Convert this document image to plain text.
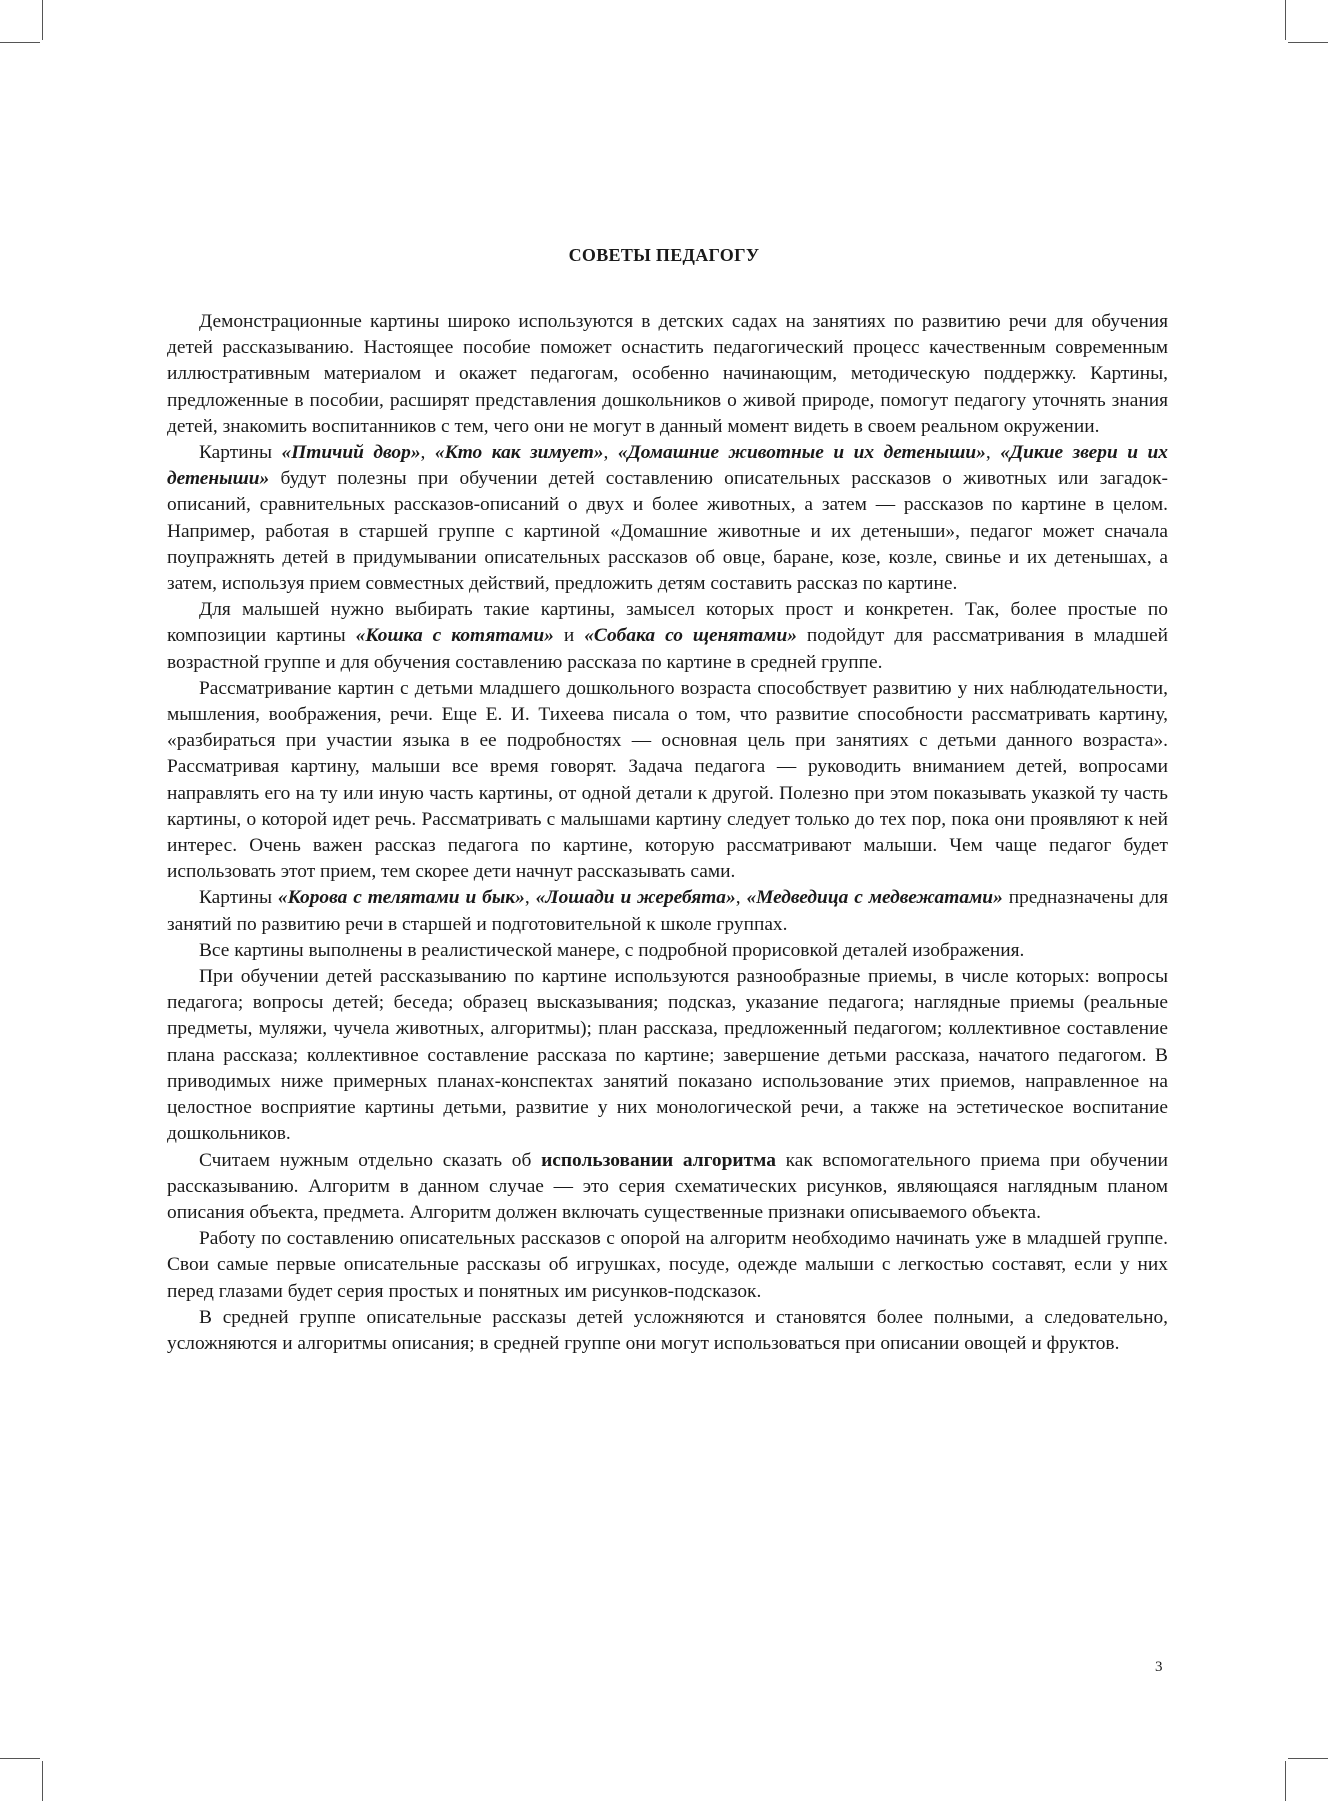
СОВЕТЫ ПЕДАГОГУ

Демонстрационные картины широко используются в детских садах на занятиях по развитию речи для обучения детей рассказыванию. Настоящее пособие поможет оснастить педагогический процесс качественным современным иллюстративным материалом и окажет педагогам, особенно начинающим, методическую поддержку. Картины, предложенные в пособии, расширят представления дошкольников о живой природе, помогут педагогу уточнять знания детей, знакомить воспитанников с тем, чего они не могут в данный момент видеть в своем реальном окружении.

Картины «Птичий двор», «Кто как зимует», «Домашние животные и их детеныши», «Дикие звери и их детеныши» будут полезны при обучении детей составлению описательных рассказов о животных или загадок-описаний, сравнительных рассказов-описаний о двух и более животных, а затем — рассказов по картине в целом. Например, работая в старшей группе с картиной «Домашние животные и их детеныши», педагог может сначала поупражнять детей в придумывании описательных рассказов об овце, баране, козе, козле, свинье и их детенышах, а затем, используя прием совместных действий, предложить детям составить рассказ по картине.

Для малышей нужно выбирать такие картины, замысел которых прост и конкретен. Так, более простые по композиции картины «Кошка с котятами» и «Собака со щенятами» подойдут для рассматривания в младшей возрастной группе и для обучения составлению рассказа по картине в средней группе.

Рассматривание картин с детьми младшего дошкольного возраста способствует развитию у них наблюдательности, мышления, воображения, речи. Еще Е. И. Тихеева писала о том, что развитие способности рассматривать картину, «разбираться при участии языка в ее подробностях — основная цель при занятиях с детьми данного возраста». Рассматривая картину, малыши все время говорят. Задача педагога — руководить вниманием детей, вопросами направлять его на ту или иную часть картины, от одной детали к другой. Полезно при этом показывать указкой ту часть картины, о которой идет речь. Рассматривать с малышами картину следует только до тех пор, пока они проявляют к ней интерес. Очень важен рассказ педагога по картине, которую рассматривают малыши. Чем чаще педагог будет использовать этот прием, тем скорее дети начнут рассказывать сами.

Картины «Корова с телятами и бык», «Лошади и жеребята», «Медведица с медвежатами» предназначены для занятий по развитию речи в старшей и подготовительной к школе группах.

Все картины выполнены в реалистической манере, с подробной прорисовкой деталей изображения.

При обучении детей рассказыванию по картине используются разнообразные приемы, в числе которых: вопросы педагога; вопросы детей; беседа; образец высказывания; подсказ, указание педагога; наглядные приемы (реальные предметы, муляжи, чучела животных, алгоритмы); план рассказа, предложенный педагогом; коллективное составление плана рассказа; коллективное составление рассказа по картине; завершение детьми рассказа, начатого педагогом. В приводимых ниже примерных планах-конспектах занятий показано использование этих приемов, направленное на целостное восприятие картины детьми, развитие у них монологической речи, а также на эстетическое воспитание дошкольников.

Считаем нужным отдельно сказать об использовании алгоритма как вспомогательного приема при обучении рассказыванию. Алгоритм в данном случае — это серия схематических рисунков, являющаяся наглядным планом описания объекта, предмета. Алгоритм должен включать существенные признаки описываемого объекта.

Работу по составлению описательных рассказов с опорой на алгоритм необходимо начинать уже в младшей группе. Свои самые первые описательные рассказы об игрушках, посуде, одежде малыши с легкостью составят, если у них перед глазами будет серия простых и понятных им рисунков-подсказок.

В средней группе описательные рассказы детей усложняются и становятся более полными, а следовательно, усложняются и алгоритмы описания; в средней группе они могут использоваться при описании овощей и фруктов.

3
